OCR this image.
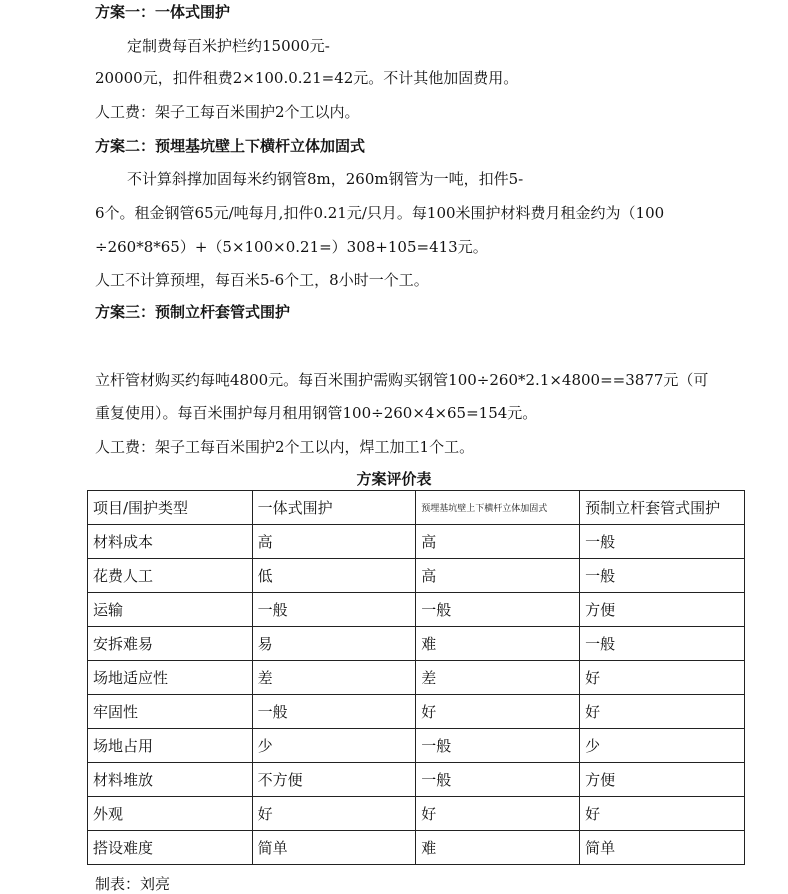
方案一：一体式围护
定制费每百米护栏约15000元-
20000元，扣件租费2×100.0.21=42元。不计其他加固费用。
人工费：架子工每百米围护2个工以内。
方案二：预埋基坑壁上下横杆立体加固式
不计算斜撑加固每米约钢管8m，260m钢管为一吨，扣件5-
6个。租金钢管65元/吨每月,扣件0.21元/只月。每100米围护材料费月租金约为（100
÷260*8*65）+（5×100×0.21=）308+105=413元。
人工不计算预埋，每百米5-6个工，8小时一个工。
方案三：预制立杆套管式围护
立杆管材购买约每吨4800元。每百米围护需购买钢管100÷260*2.1×4800==3877元（可
重复使用）。每百米围护每月租用钢管100÷260×4×65=154元。
人工费：架子工每百米围护2个工以内，焊工加工1个工。
方案评价表
项目/围护类型	一体式围护	预埋基坑壁上下横杆立体加固式	预制立杆套管式围护
材料成本	高	高	一般
花费人工	低	高	一般
运输	一般	一般	方便
安拆难易	易	难	一般
场地适应性	差	差	好
牢固性	一般	好	好
场地占用	少	一般	少
材料堆放	不方便	一般	方便
外观	好	好	好
搭设难度	简单	难	简单
制表：刘亮
